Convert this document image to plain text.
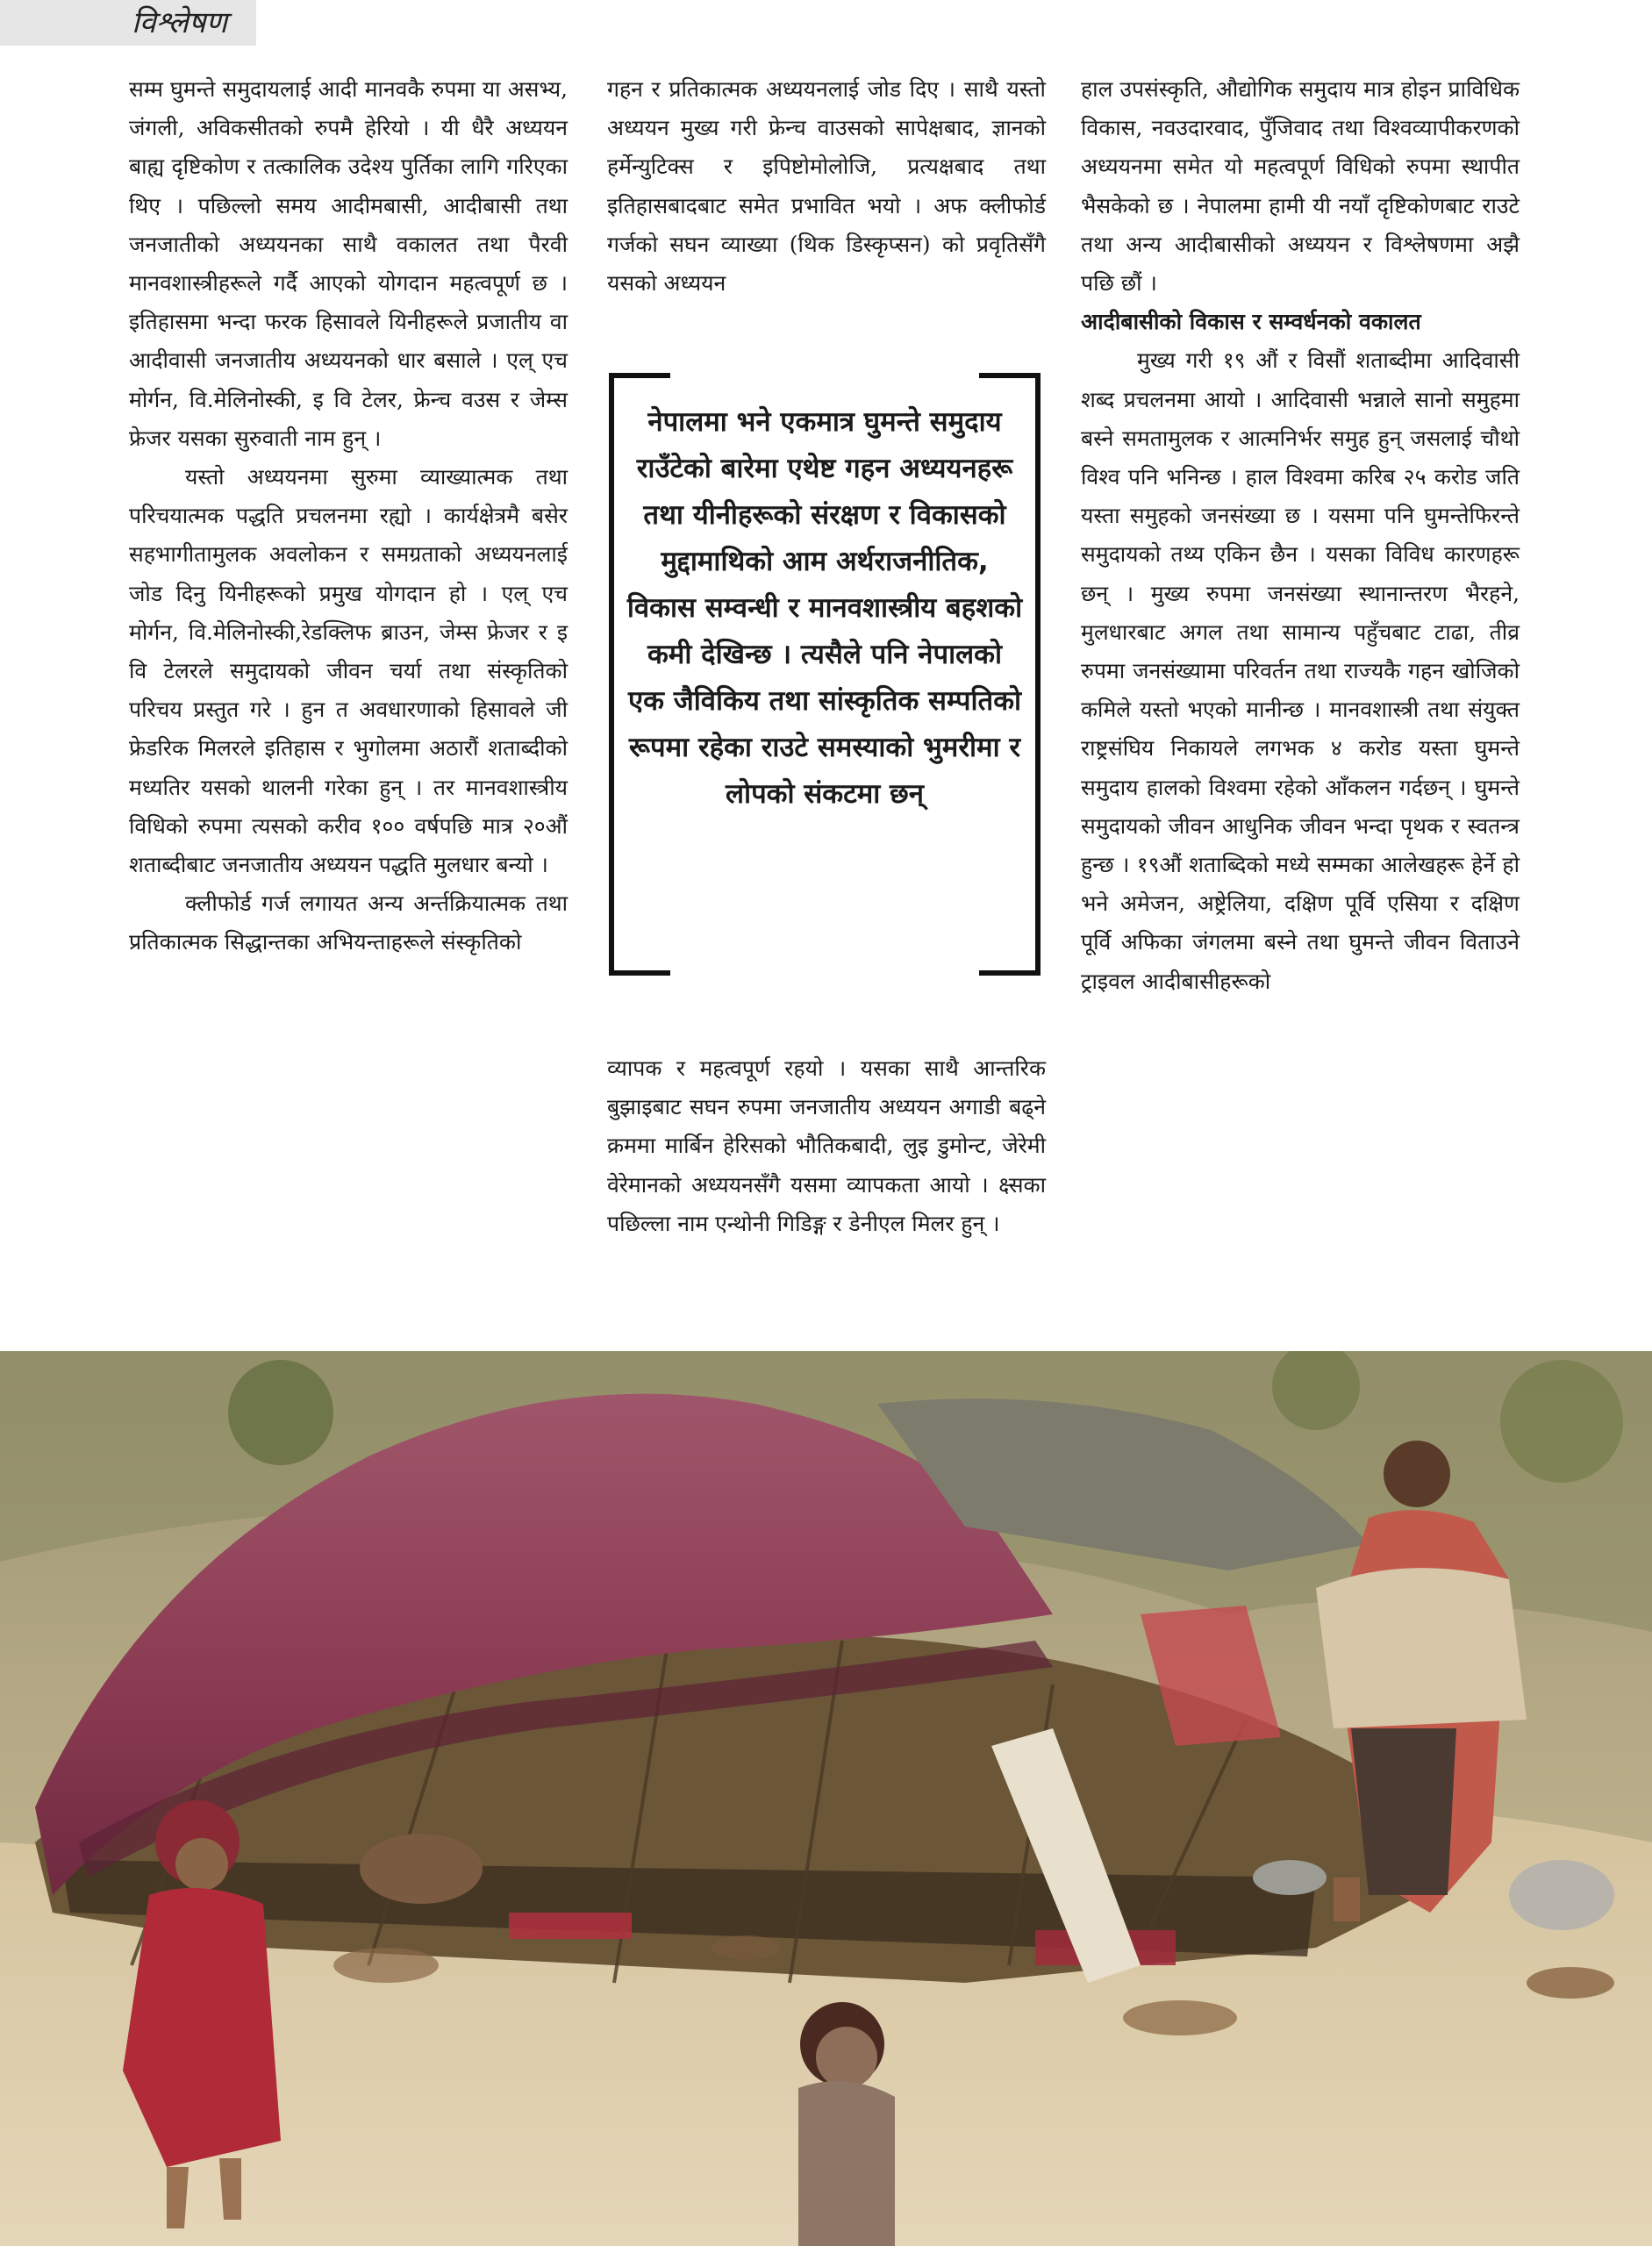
विश्लेषण

सम्म घुमन्ते समुदायलाई आदी मानवकै रुपमा या असभ्य, जंगली, अविकसीतको रुपमै हेरियो । यी धैरै अध्ययन बाह्य दृष्टिकोण र तत्कालिक उदेश्य पुर्तिका लागि गरिएका थिए । पछिल्लो समय आदीमबासी, आदीबासी तथा जनजातीको अध्ययनका साथै वकालत तथा पैरवी मानवशास्त्रीहरूले गर्दै आएको योगदान महत्वपूर्ण छ । इतिहासमा भन्दा फरक हिसावले यिनीहरूले प्रजातीय वा आदीवासी जनजातीय अध्ययनको धार बसाले । एल् एच मोर्गन, वि.मेलिनोस्की, इ वि टेलर, फ्रेन्च वउस र जेम्स फ्रेजर यसका सुरुवाती नाम हुन् ।

यस्तो अध्ययनमा सुरुमा व्याख्यात्मक तथा परिचयात्मक पद्धति प्रचलनमा रह्यो । कार्यक्षेत्रमै बसेर सहभागीतामुलक अवलोकन र समग्रताको अध्ययनलाई जोड दिनु यिनीहरूको प्रमुख योगदान हो । एल् एच मोर्गन, वि.मेलिनोस्की,रेडक्लिफ ब्राउन, जेम्स फ्रेजर र इ वि टेलरले समुदायको जीवन चर्या तथा संस्कृतिको परिचय प्रस्तुत गरे । हुन त अवधारणाको हिसावले जी फ्रेडरिक मिलरले इतिहास र भुगोलमा अठारौं शताब्दीको मध्यतिर यसको थालनी गरेका हुन् । तर मानवशास्त्रीय विधिको रुपमा त्यसको करीव १०० वर्षपछि मात्र २०औं शताब्दीबाट जनजातीय अध्ययन पद्धति मुलधार बन्यो ।

क्लीफोर्ड गर्ज लगायत अन्य अर्न्तक्रियात्मक तथा प्रतिकात्मक सिद्धान्तका अभियन्ताहरूले संस्कृतिको

गहन र प्रतिकात्मक अध्ययनलाई जोड दिए । साथै यस्तो अध्ययन मुख्य गरी फ्रेन्च वाउसको सापेक्षबाद, ज्ञानको हर्मेन्युटिक्स र इपिष्टोमोलोजि, प्रत्यक्षबाद तथा इतिहासबादबाट समेत प्रभावित भयो । अफ क्लीफोर्ड गर्जको सघन व्याख्या (थिक डिस्कृप्सन) को प्रवृतिसँगै यसको अध्ययन

नेपालमा भने एकमात्र घुमन्ते समुदाय राउँटेको बारेमा एथेष्ट गहन अध्ययनहरू तथा यीनीहरूको संरक्षण र विकासको मुद्दामाथिको आम अर्थराजनीतिक, विकास सम्वन्धी र मानवशास्त्रीय बहशको कमी देखिन्छ । त्यसैले पनि नेपालको एक जैविकिय तथा सांस्कृतिक सम्पतिको रूपमा रहेका राउटे समस्याको भुमरीमा र लोपको संकटमा छन्

व्यापक र महत्वपूर्ण रहयो । यसका साथै आन्तरिक बुझाइबाट सघन रुपमा जनजातीय अध्ययन अगाडी बढ्ने क्रममा मार्बिन हेरिसको भौतिकबादी, लुइ डुमोन्ट, जेरेमी वेरेमानको अध्ययनसँगै यसमा व्यापकता आयो । क्ष्सका पछिल्ला नाम एन्थोनी गिडिङ्ग र डेनीएल मिलर हुन् ।

हाल उपसंस्कृति, औद्योगिक समुदाय मात्र होइन प्राविधिक विकास, नवउदारवाद, पुँजिवाद तथा विश्वव्यापीकरणको अध्ययनमा समेत यो महत्वपूर्ण विधिको रुपमा स्थापीत भैसकेको छ । नेपालमा हामी यी नयाँ दृष्टिकोणबाट राउटे तथा अन्य आदीबासीको अध्ययन र विश्लेषणमा अझै पछि छौं ।

आदीबासीको विकास र सम्वर्धनको वकालत

मुख्य गरी १९ औं र विसौं शताब्दीमा आदिवासी शब्द प्रचलनमा आयो । आदिवासी भन्नाले सानो समुहमा बस्ने समतामुलक र आत्मनिर्भर समुह हुन् जसलाई चौथो विश्व पनि भनिन्छ । हाल विश्वमा करिब २५ करोड जति यस्ता समुहको जनसंख्या छ । यसमा पनि घुमन्तेफिरन्ते समुदायको तथ्य एकिन छैन । यसका विविध कारणहरू छन् । मुख्य रुपमा जनसंख्या स्थानान्तरण भैरहने, मुलधारबाट अगल तथा सामान्य पहुँचबाट टाढा, तीव्र रुपमा जनसंख्यामा परिवर्तन तथा राज्यकै गहन खोजिको कमिले यस्तो भएको मानीन्छ । मानवशास्त्री तथा संयुक्त राष्ट्रसंघिय निकायले लगभक ४ करोड यस्ता घुमन्ते समुदाय हालको विश्वमा रहेको आँकलन गर्दछन् । घुमन्ते समुदायको जीवन आधुनिक जीवन भन्दा पृथक र स्वतन्त्र हुन्छ । १९औं शताब्दिको मध्ये सम्मका आलेखहरू हेर्ने हो भने अमेजन, अष्ट्रेलिया, दक्षिण पूर्वि एसिया र दक्षिण पूर्वि अफिका जंगलमा बस्ने तथा घुमन्ते जीवन विताउने ट्राइवल आदीबासीहरूको
